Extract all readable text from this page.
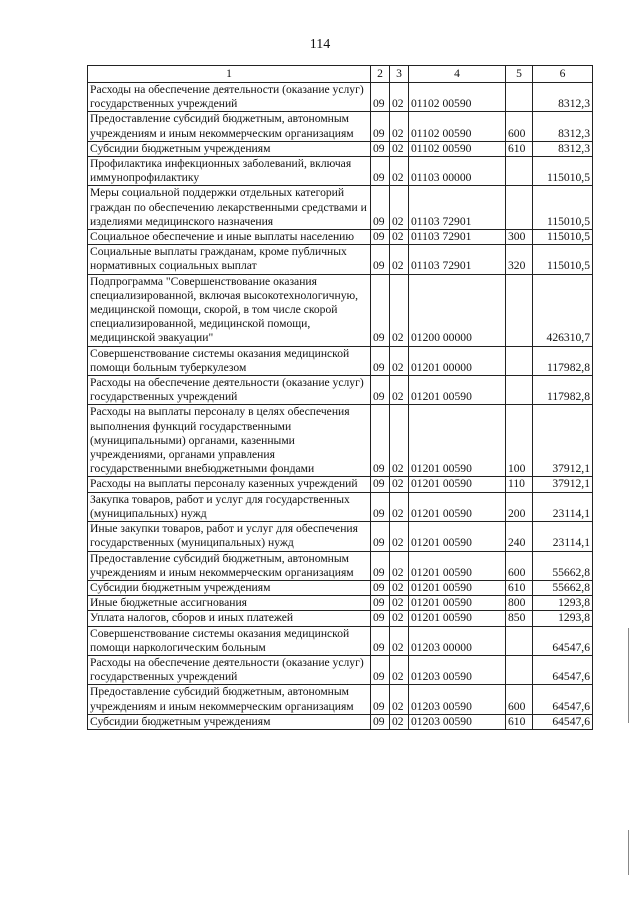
114
1	2	3	4	5	6
Расходы на обеспечение деятельности (оказание услуг) государственных учреждений	09	02	01102 00590		8312,3
Предоставление субсидий бюджетным, автономным учреждениям и иным некоммерческим организациям	09	02	01102 00590	600	8312,3
Субсидии бюджетным учреждениям	09	02	01102 00590	610	8312,3
Профилактика инфекционных заболеваний, включая иммунопрофилактику	09	02	01103 00000		115010,5
Меры социальной поддержки отдельных категорий граждан по обеспечению лекарственными средствами и изделиями медицинского назначения	09	02	01103 72901		115010,5
Социальное обеспечение и иные выплаты населению	09	02	01103 72901	300	115010,5
Социальные выплаты гражданам, кроме публичных нормативных социальных выплат	09	02	01103 72901	320	115010,5
Подпрограмма "Совершенствование оказания специализированной, включая высокотехнологичную, медицинской помощи, скорой, в том числе скорой специализированной, медицинской помощи, медицинской эвакуации"	09	02	01200 00000		426310,7
Совершенствование системы оказания медицинской помощи больным туберкулезом	09	02	01201 00000		117982,8
Расходы на обеспечение деятельности (оказание услуг) государственных учреждений	09	02	01201 00590		117982,8
Расходы на выплаты персоналу в целях обеспечения выполнения функций государственными (муниципальными) органами, казенными учреждениями, органами управления государственными внебюджетными фондами	09	02	01201 00590	100	37912,1
Расходы на выплаты персоналу казенных учреждений	09	02	01201 00590	110	37912,1
Закупка товаров, работ и услуг для государственных (муниципальных) нужд	09	02	01201 00590	200	23114,1
Иные закупки товаров, работ и услуг для обеспечения государственных (муниципальных) нужд	09	02	01201 00590	240	23114,1
Предоставление субсидий бюджетным, автономным учреждениям и иным некоммерческим организациям	09	02	01201 00590	600	55662,8
Субсидии бюджетным учреждениям	09	02	01201 00590	610	55662,8
Иные бюджетные ассигнования	09	02	01201 00590	800	1293,8
Уплата налогов, сборов и иных платежей	09	02	01201 00590	850	1293,8
Совершенствование системы оказания медицинской помощи наркологическим больным	09	02	01203 00000		64547,6
Расходы на обеспечение деятельности (оказание услуг) государственных учреждений	09	02	01203 00590		64547,6
Предоставление субсидий бюджетным, автономным учреждениям и иным некоммерческим организациям	09	02	01203 00590	600	64547,6
Субсидии бюджетным учреждениям	09	02	01203 00590	610	64547,6
